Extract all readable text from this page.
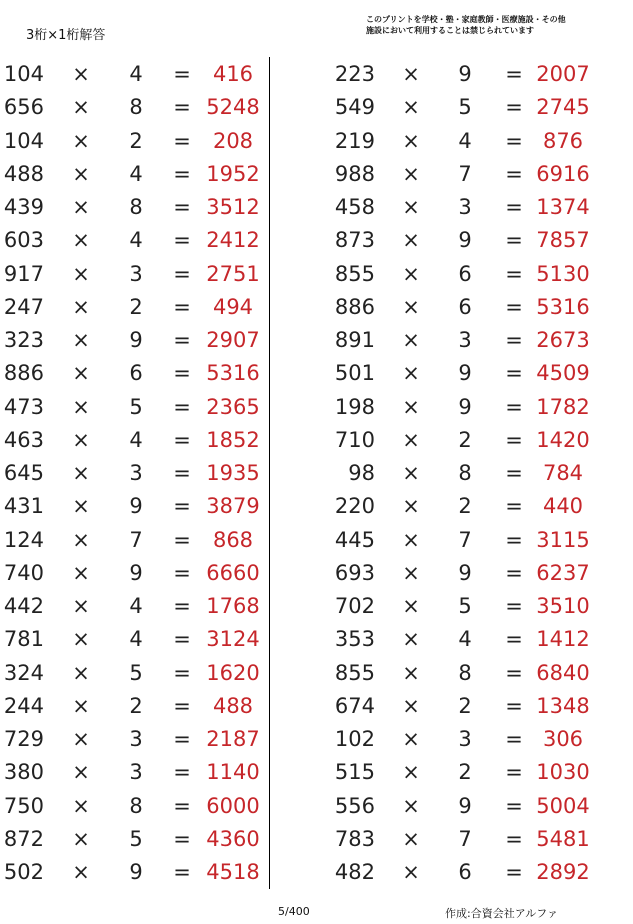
3桁×1桁解答
このプリントを学校・塾・家庭教師・医療施設・その他
施設において利用することは禁じられています
104 × 4 =	416
656 × 8 = 5248
104 × 2 =	208
488 × 4 = 1952
439 × 8 = 3512
603 × 4 = 2412
917 × 3 = 2751
247 × 2 =	494
323 × 9 = 2907
886 × 6 = 5316
473 × 5 = 2365
463 × 4 = 1852
645 × 3 = 1935
431 × 9 = 3879
124 × 7 =	868
740 × 9 = 6660
442 × 4 = 1768
781 × 4 = 3124
324 × 5 = 1620
244 × 2 =	488
729 × 3 = 2187
380 × 3 = 1140
750 × 8 = 6000
872 × 5 = 4360
502 × 9 = 4518
223 × 9 = 2007
549 × 5 = 2745
219 × 4 = 876
988 × 7 = 6916
458 × 3 = 1374
873 × 9 = 7857
855 × 6 = 5130
886 × 6 = 5316
891 × 3 = 2673
501 × 9 = 4509
198 × 9 = 1782
710 × 2 = 1420
98 × 8 = 784
220 × 2 = 440
445 × 7 = 3115
693 × 9 = 6237
702 × 5 = 3510
353 × 4 = 1412
855 × 8 = 6840
674 × 2 = 1348
102 × 3 = 306
515 × 2 = 1030
556 × 9 = 5004
783 × 7 = 5481
482 × 6 = 2892
5/400	作成:合資会社アルファ
